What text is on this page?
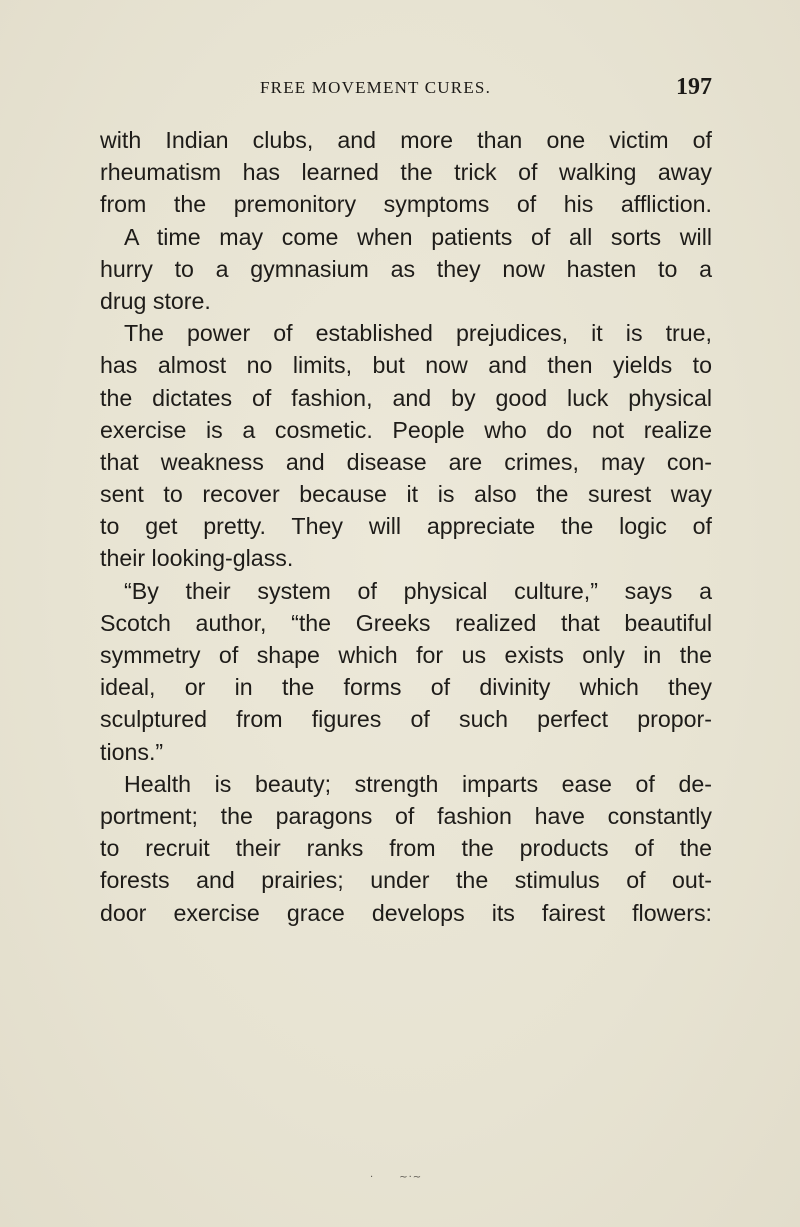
FREE MOVEMENT CURES.	197
with Indian clubs, and more than one victim of
rheumatism has learned the trick of walking away
from the premonitory symptoms of his affliction.
A time may come when patients of all sorts will
hurry to a gymnasium as they now hasten to a
drug store.
The power of established prejudices, it is true,
has almost no limits, but now and then yields to
the dictates of fashion, and by good luck physical
exercise is a cosmetic. People who do not realize
that weakness and disease are crimes, may con-
sent to recover because it is also the surest way
to get pretty. They will appreciate the logic of
their looking-glass.
“By their system of physical culture,” says a
Scotch author, “the Greeks realized that beautiful
symmetry of shape which for us exists only in the
ideal, or in the forms of divinity which they
sculptured from figures of such perfect propor-
tions.”
Health is beauty; strength imparts ease of de-
portment; the paragons of fashion have constantly
to recruit their ranks from the products of the
forests and prairies; under the stimulus of out-
door exercise grace develops its fairest flowers:
·      ~·~
